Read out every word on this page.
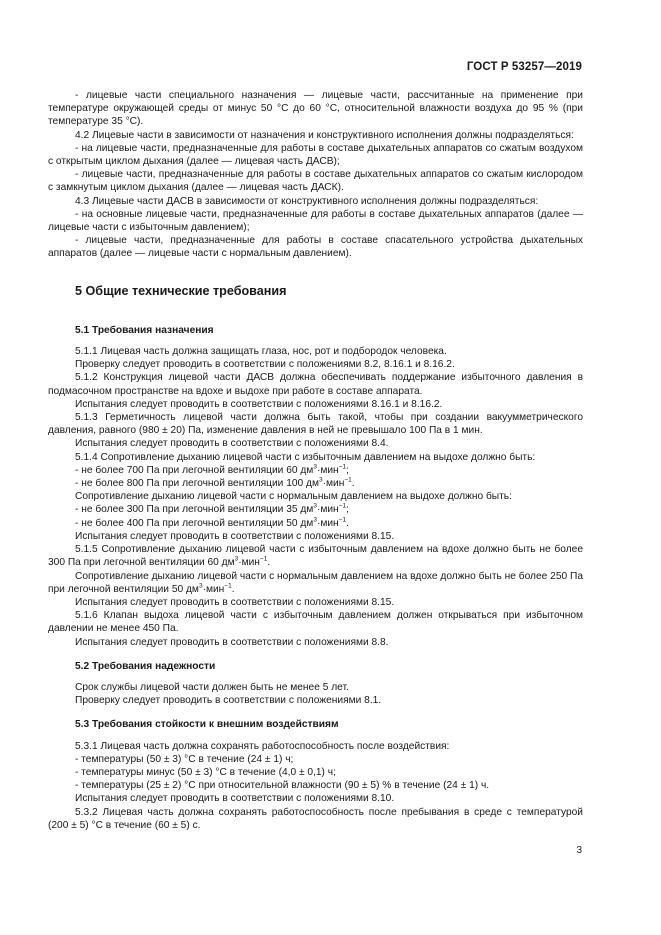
ГОСТ Р 53257—2019

- лицевые части специального назначения — лицевые части, рассчитанные на применение при температуре окружающей среды от минус 50 °С до 60 °С, относительной влажности воздуха до 95 % (при температуре 35 °С).

4.2 Лицевые части в зависимости от назначения и конструктивного исполнения должны подразделяться:

- на лицевые части, предназначенные для работы в составе дыхательных аппаратов со сжатым воздухом с открытым циклом дыхания (далее — лицевая часть ДАСВ);

- лицевые части, предназначенные для работы в составе дыхательных аппаратов со сжатым кислородом с замкнутым циклом дыхания (далее — лицевая часть ДАСК).

4.3 Лицевые части ДАСВ в зависимости от конструктивного исполнения должны подразделяться:

- на основные лицевые части, предназначенные для работы в составе дыхательных аппаратов (далее — лицевые части с избыточным давлением);

- лицевые части, предназначенные для работы в составе спасательного устройства дыхательных аппаратов (далее — лицевые части с нормальным давлением).

5 Общие технические требования
5.1 Требования назначения

5.1.1 Лицевая часть должна защищать глаза, нос, рот и подбородок человека.

Проверку следует проводить в соответствии с положениями 8.2, 8.16.1 и 8.16.2.

5.1.2 Конструкция лицевой части ДАСВ должна обеспечивать поддержание избыточного давления в подмасочном пространстве на вдохе и выдохе при работе в составе аппарата.

Испытания следует проводить в соответствии с положениями 8.16.1 и 8.16.2.

5.1.3 Герметичность лицевой части должна быть такой, чтобы при создании вакуумметрического давления, равного (980 ± 20) Па, изменение давления в ней не превышало 100 Па в 1 мин.

Испытания следует проводить в соответствии с положениями 8.4.

5.1.4 Сопротивление дыханию лицевой части с избыточным давлением на выдохе должно быть:

- не более 700 Па при легочной вентиляции 60 $дм^3\cdot мин^{-1}$;

- не более 800 Па при легочной вентиляции 100 $дм^3\cdot мин^{-1}$.

Сопротивление дыханию лицевой части с нормальным давлением на выдохе должно быть:

- не более 300 Па при легочной вентиляции 35 $дм^3\cdot мин^{-1}$;

- не более 400 Па при легочной вентиляции 50 $дм^3\cdot мин^{-1}$.

Испытания следует проводить в соответствии с положениями 8.15.

5.1.5 Сопротивление дыханию лицевой части с избыточным давлением на вдохе должно быть не более 300 Па при легочной вентиляции 60 $дм^3\cdot мин^{-1}$.

Сопротивление дыханию лицевой части с нормальным давлением на вдохе должно быть не более 250 Па при легочной вентиляции 50 $дм^3\cdot мин^{-1}$.

Испытания следует проводить в соответствии с положениями 8.15.

5.1.6 Клапан выдоха лицевой части с избыточным давлением должен открываться при избыточном давлении не менее 450 Па.

Испытания следует проводить в соответствии с положениями 8.8.

5.2 Требования надежности

Срок службы лицевой части должен быть не менее 5 лет.

Проверку следует проводить в соответствии с положениями 8.1.

5.3 Требования стойкости к внешним воздействиям

5.3.1 Лицевая часть должна сохранять работоспособность после воздействия:

- температуры (50 ± 3) °С в течение (24 ± 1) ч;

- температуры минус (50 ± 3) °С в течение (4,0 ± 0,1) ч;

- температуры (25 ± 2) °С при относительной влажности (90 ± 5) % в течение (24 ± 1) ч.

Испытания следует проводить в соответствии с положениями 8.10.

5.3.2 Лицевая часть должна сохранять работоспособность после пребывания в среде с температурой (200 ± 5) °С в течение (60 ± 5) с.

3
